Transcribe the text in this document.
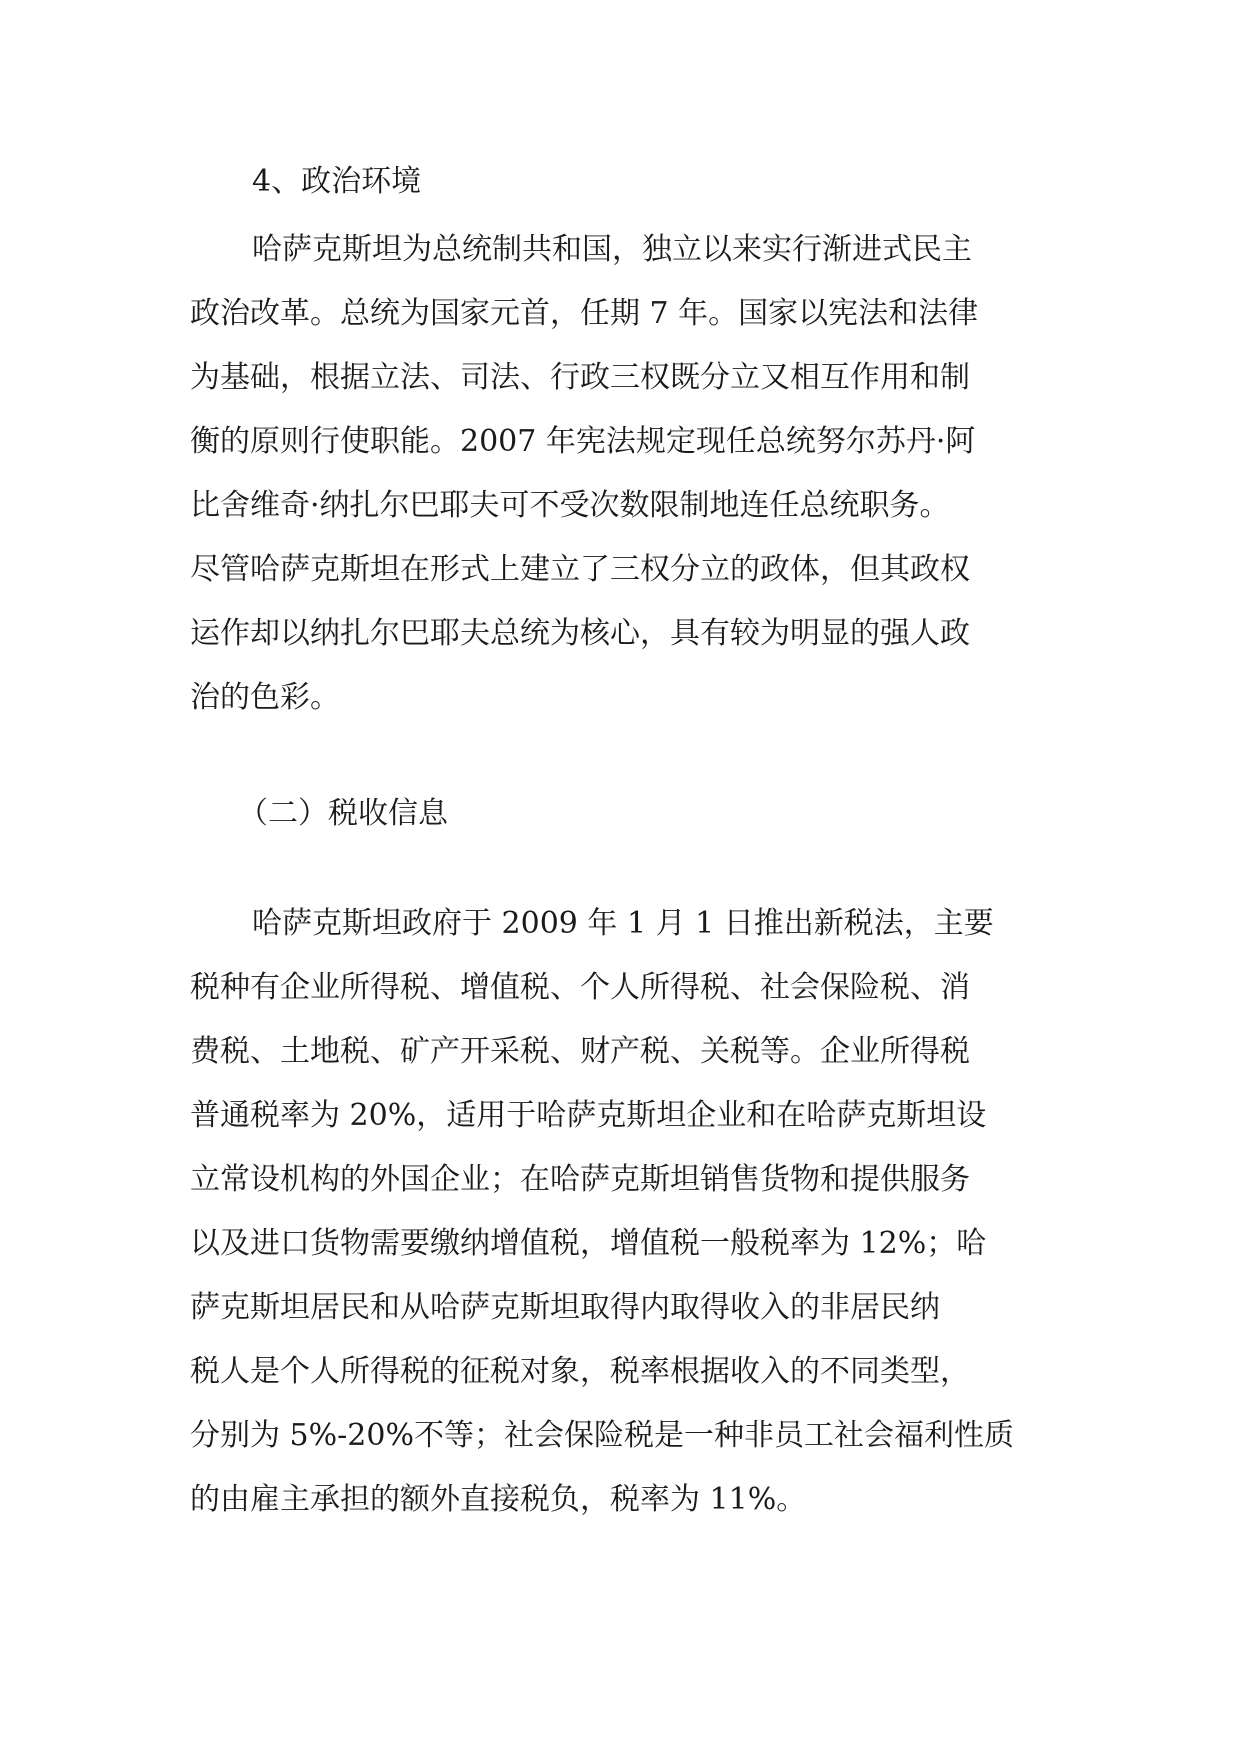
4、政治环境
哈萨克斯坦为总统制共和国，独立以来实行渐进式民主
政治改革。总统为国家元首，任期 7 年。国家以宪法和法律
为基础，根据立法、司法、行政三权既分立又相互作用和制
衡的原则行使职能。2007 年宪法规定现任总统努尔苏丹·阿
比舍维奇·纳扎尔巴耶夫可不受次数限制地连任总统职务。
尽管哈萨克斯坦在形式上建立了三权分立的政体，但其政权
运作却以纳扎尔巴耶夫总统为核心，具有较为明显的强人政
治的色彩。
（二）税收信息
哈萨克斯坦政府于 2009 年 1 月 1 日推出新税法，主要
税种有企业所得税、增值税、个人所得税、社会保险税、消
费税、土地税、矿产开采税、财产税、关税等。企业所得税
普通税率为 20%，适用于哈萨克斯坦企业和在哈萨克斯坦设
立常设机构的外国企业；在哈萨克斯坦销售货物和提供服务
以及进口货物需要缴纳增值税，增值税一般税率为 12%；哈
萨克斯坦居民和从哈萨克斯坦取得内取得收入的非居民纳
税人是个人所得税的征税对象，税率根据收入的不同类型，
分别为 5%-20%不等；社会保险税是一种非员工社会福利性质
的由雇主承担的额外直接税负，税率为 11%。
